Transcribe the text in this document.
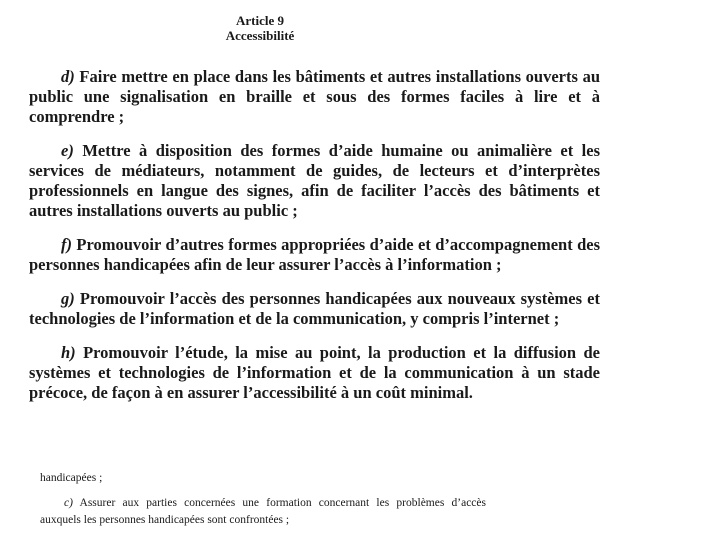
Article 9
Accessibilité

d) Faire mettre en place dans les bâtiments et autres installations ouverts au public une signalisation en braille et sous des formes faciles à lire et à comprendre ;

e) Mettre à disposition des formes d’aide humaine ou animalière et les services de médiateurs, notamment de guides, de lecteurs et d’interprètes professionnels en langue des signes, afin de faciliter l’accès des bâtiments et autres installations ouverts au public ;

f) Promouvoir d’autres formes appropriées d’aide et d’accompagnement des personnes handicapées afin de leur assurer l’accès à l’information ;

g) Promouvoir l’accès des personnes handicapées aux nouveaux systèmes et technologies de l’information et de la communication, y compris l’internet ;

h) Promouvoir l’étude, la mise au point, la production et la diffusion de systèmes et technologies de l’information et de la communication à un stade précoce, de façon à en assurer l’accessibilité à un coût minimal.

handicapées ;
c) Assurer aux parties concernées une formation concernant les problèmes d’accès auxquels les personnes handicapées sont confrontées ;
